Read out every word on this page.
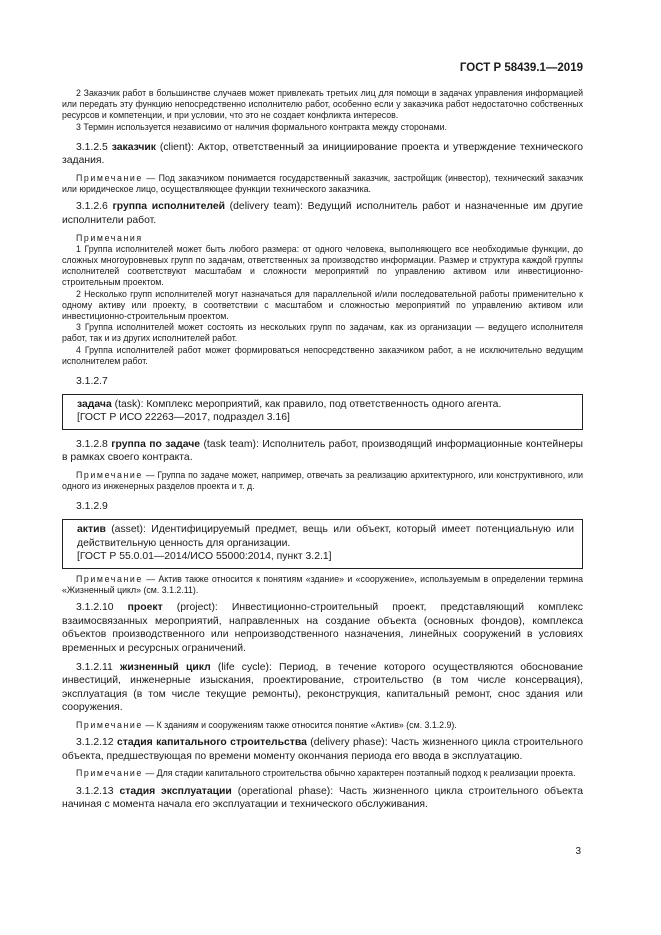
ГОСТ Р 58439.1—2019

2 Заказчик работ в большинстве случаев может привлекать третьих лиц для помощи в задачах управления информацией или передать эту функцию непосредственно исполнителю работ, особенно если у заказчика работ недостаточно собственных ресурсов и компетенции, и при условии, что это не создает конфликта интересов.

3 Термин используется независимо от наличия формального контракта между сторонами.

3.1.2.5 заказчик (client): Актор, ответственный за инициирование проекта и утверждение технического задания.

Примечание — Под заказчиком понимается государственный заказчик, застройщик (инвестор), технический заказчик или юридическое лицо, осуществляющее функции технического заказчика.

3.1.2.6 группа исполнителей (delivery team): Ведущий исполнитель работ и назначенные им другие исполнители работ.

Примечания

1 Группа исполнителей может быть любого размера: от одного человека, выполняющего все необходимые функции, до сложных многоуровневых групп по задачам, ответственных за производство информации. Размер и структура каждой группы исполнителей соответствуют масштабам и сложности мероприятий по управлению активом или инвестиционно-строительным проектом.

2 Несколько групп исполнителей могут назначаться для параллельной и/или последовательной работы применительно к одному активу или проекту, в соответствии с масштабом и сложностью мероприятий по управлению активом или инвестиционно-строительным проектом.

3 Группа исполнителей может состоять из нескольких групп по задачам, как из организации — ведущего исполнителя работ, так и из других исполнителей работ.

4 Группа исполнителей работ может формироваться непосредственно заказчиком работ, а не исключительно ведущим исполнителем работ.

3.1.2.7

задача (task): Комплекс мероприятий, как правило, под ответственность одного агента.

[ГОСТ Р ИСО 22263—2017, подраздел 3.16]

3.1.2.8 группа по задаче (task team): Исполнитель работ, производящий информационные контейнеры в рамках своего контракта.

Примечание — Группа по задаче может, например, отвечать за реализацию архитектурного, или конструктивного, или одного из инженерных разделов проекта и т. д.

3.1.2.9

актив (asset): Идентифицируемый предмет, вещь или объект, который имеет потенциальную или действительную ценность для организации.

[ГОСТ Р 55.0.01—2014/ИСО 55000:2014, пункт 3.2.1]

Примечание — Актив также относится к понятиям «здание» и «сооружение», используемым в определении термина «Жизненный цикл» (см. 3.1.2.11).

3.1.2.10 проект (project): Инвестиционно-строительный проект, представляющий комплекс взаимосвязанных мероприятий, направленных на создание объекта (основных фондов), комплекса объектов производственного или непроизводственного назначения, линейных сооружений в условиях временных и ресурсных ограничений.

3.1.2.11 жизненный цикл (life cycle): Период, в течение которого осуществляются обоснование инвестиций, инженерные изыскания, проектирование, строительство (в том числе консервация), эксплуатация (в том числе текущие ремонты), реконструкция, капитальный ремонт, снос здания или сооружения.

Примечание — К зданиям и сооружениям также относится понятие «Актив» (см. 3.1.2.9).

3.1.2.12 стадия капитального строительства (delivery phase): Часть жизненного цикла строительного объекта, предшествующая по времени моменту окончания периода его ввода в эксплуатацию.

Примечание — Для стадии капитального строительства обычно характерен поэтапный подход к реализации проекта.

3.1.2.13 стадия эксплуатации (operational phase): Часть жизненного цикла строительного объекта начиная с момента начала его эксплуатации и технического обслуживания.

3
